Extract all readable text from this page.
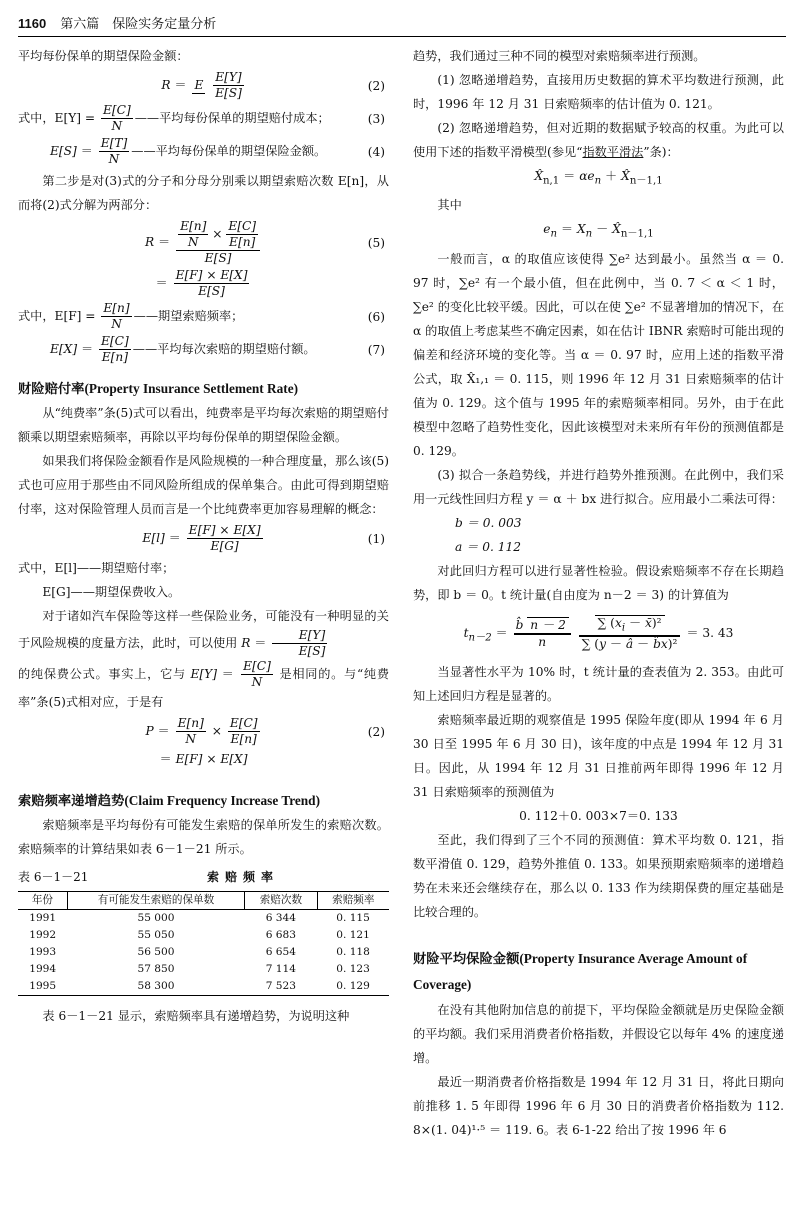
1160 第六篇　保险实务定量分析

平均每份保单的期望保险金额：

R ＝ E
$\frac{E[Y]}{E[S]}$	(2)
式中，$E[Y] = \frac{E[C]}{N}$ ——平均每份保单的期望赔付成本；	(3)
$E[S] = \frac{E[T]}{N}$ ——平均每份保单的期望保险金额。	(4)

第二步是对(3)式的分子和分母分别乘以期望索赔次数 E[n]，从而将(2)式分解为两部分：

$R = \frac{\frac{E[n]}{N} \times \frac{E[C]}{E[n]}}{E[S]}$	(5)
＝ $\frac{E[F] \times E[X]}{E[S]}$
式中，$E[F] = \frac{E[n]}{N}$ ——期望索赔频率；	(6)
$E[X] = \frac{E[C]}{E[n]}$ ——平均每次索赔的期望赔付额。	(7)
财险赔付率(Property Insurance Settlement Rate)

从“纯费率”条(5)式可以看出，纯费率是平均每次索赔的期望赔付额乘以期望索赔频率，再除以平均每份保单的期望保险金额。

如果我们将保险金额看作是风险规模的一种合理度量，那么该(5)式也可应用于那些由不同风险所组成的保单集合。由此可得到期望赔付率，这对保险管理人员而言是一个比纯费率更加容易理解的概念：

$E[l] = \frac{E[F] \times E[X]}{E[G]}$	(1)

式中，E[l]——期望赔付率；

E[G]——期望保费收入。

对于诸如汽车保险等这样一些保险业务，可能没有一种明显的关于风险规模的度量方法，此时，可以使用 $R = \frac{E[Y]}{E[S]}$

的纯保费公式。事实上，它与 $E[Y] = \frac{E[C]}{N}$ 是相同的。与“纯费率”条(5)式相对应，于是有

$P = \frac{E[n]}{N} \times \frac{E[C]}{E[n]}$	(2)
＝ E[F] × E[X]
索赔频率递增趋势(Claim Frequency Increase Trend)

索赔频率是平均每份有可能发生索赔的保单所发生的索赔次数。索赔频率的计算结果如表 6－1－21 所示。

表 6－1－21	索赔频率
年份	有可能发生索赔的保单数	索赔次数	索赔频率
1991	55 000	6 344	0. 115
1992	55 050	6 683	0. 121
1993	56 500	6 654	0. 118
1994	57 850	7 114	0. 123
1995	58 300	7 523	0. 129

表 6－1－21 显示，索赔频率具有递增趋势，为说明这种

趋势，我们通过三种不同的模型对索赔频率进行预测。

(1) 忽略递增趋势，直接用历史数据的算术平均数进行预测，此时，1996 年 12 月 31 日索赔频率的估计值为 0. 121。

(2) 忽略递增趋势，但对近期的数据赋予较高的权重。为此可以使用下述的指数平滑模型(参见“指数平滑法”条)：

$X̂_{n,1} = \alpha e_n$ ＋ $X̂_{n-1,1}$

其中

$e_n = X_n$ － $X̂_{n-1,1}$

一般而言，α 的取值应该使得 ∑e² 达到最小。虽然当 α ＝ 0. 97 时，∑e² 有一个最小值，但在此例中，当 0. 7 ＜ α ＜ 1 时，∑e² 的变化比较平缓。因此，可以在使 ∑e² 不显著增加的情况下，在 α 的取值上考虑某些不确定因素，如在估计 IBNR 索赔时可能出现的偏差和经济环境的变化等。当 α ＝ 0. 97 时，应用上述的指数平滑公式，取 X̂₁,₁ ＝ 0. 115，则 1996 年 12 月 31 日索赔频率的估计值为 0. 129。这个值与 1995 年的索赔频率相同。另外，由于在此模型中忽略了趋势性变化，因此该模型对未来所有年份的预测值都是 0. 129。

(3) 拟合一条趋势线，并进行趋势外推预测。在此例中，我们采用一元线性回归方程 y ＝ α ＋ bx 进行拟合。应用最小二乘法可得：

b ＝ 0. 003

a ＝ 0. 112

对此回归方程可以进行显著性检验。假设索赔频率不存在长期趋势，即 b ＝ 0。t 统计量(自由度为 n－2 ＝ 3) 的计算值为

$t_{n-2} = \frac{b̂ n - 2}{n}$
$\frac{\sum (x_i - x̄)^2}{\text{∑ (y － â － b̂x)²}} = 3$. 43

当显著性水平为 10% 时，t 统计量的查表值为 2. 353。由此可知上述回归方程是显著的。

索赔频率最近期的观察值是 1995 保险年度(即从 1994 年 6 月 30 日至 1995 年 6 月 30 日)，该年度的中点是 1994 年 12 月 31 日。因此，从 1994 年 12 月 31 日推前两年即得 1996 年 12 月 31 日索赔频率的预测值为

0. 112＋0. 003×7＝0. 133

至此，我们得到了三个不同的预测值：算术平均数 0. 121，指数平滑值 0. 129，趋势外推值 0. 133。如果预期索赔频率的递增趋势在未来还会继续存在，那么以 0. 133 作为续期保费的厘定基础是比较合理的。

财险平均保险金额(Property Insurance Average Amount of Coverage)

在没有其他附加信息的前提下，平均保险金额就是历史保险金额的平均额。我们采用消费者价格指数，并假设它以每年 4% 的速度递增。

最近一期消费者价格指数是 1994 年 12 月 31 日，将此日期向前推移 1. 5 年即得 1996 年 6 月 30 日的消费者价格指数为 112. 8×(1. 04)¹·⁵ ＝ 119. 6。表 6-1-22 给出了按 1996 年 6
